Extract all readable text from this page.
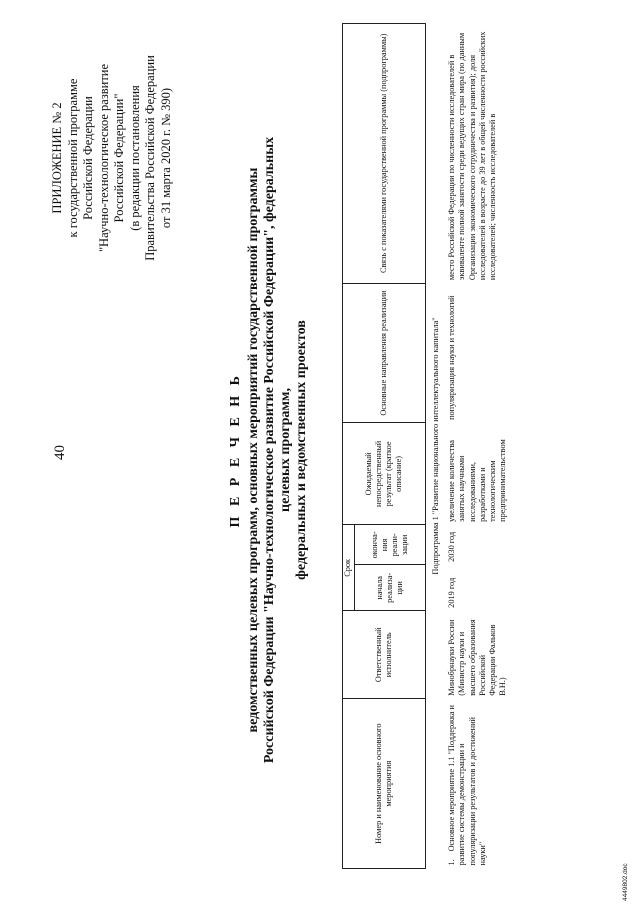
40
ПРИЛОЖЕНИЕ № 2 к государственной программе Российской Федерации "Научно-технологическое развитие Российской Федерации" (в редакции постановления Правительства Российской Федерации от 31 марта 2020 г. № 390)
П Е Р Е Ч Е Н Ь ведомственных целевых программ, основных мероприятий государственной программы Российской Федерации "Научно-технологическое развитие Российской Федерации", федеральных целевых программ, федеральных и ведомственных проектов
Номер и наименование основного мероприятия	Ответственный исполнитель	Срок		Ожидаемый непосредственный результат (краткое описание)	Основные направления реализации	Связь с показателями государственной программы (подпрограммы)
		начала реализа-ции	оконча-ния реали-зации			
Подпрограмма 1 "Развитие национального интеллектуального капитала"						
1. Основное мероприятие 1.1 "Поддержка и развитие системы демонстрации и популяризации результатов и достижений науки"	Минобрнауки России (Министр науки и высшего образования Российской Федерации Фальков В.Н.)	2019 год	2030 год	увеличение количества занятых научными исследованиями, разработками и технологическим предпринимательством	популяризация науки и технологий	место Российской Федерации по численности исследователей в эквиваленте полной занятости среди ведущих стран мира (по данным Организации экономического сотрудничества и развития); доля исследователей в возрасте до 39 лет в общей численности российских исследователей; численность исследователей в
4449802.doc
